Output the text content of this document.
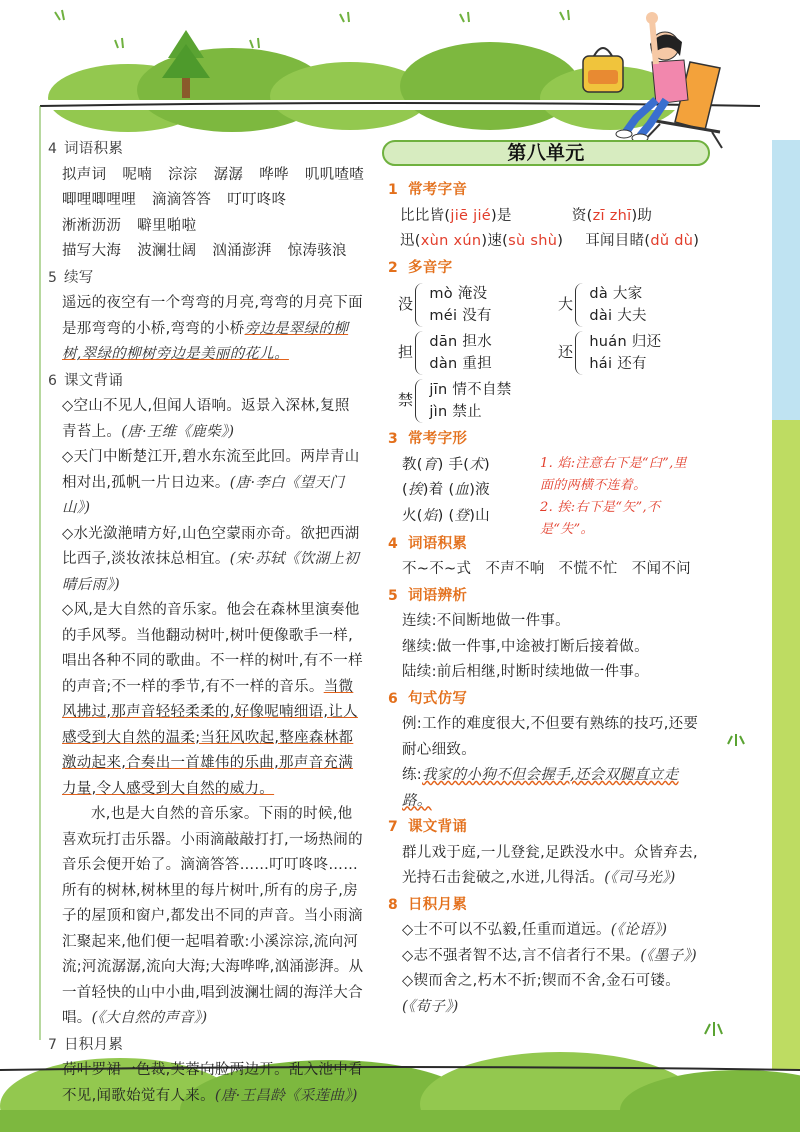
4 词语积累
拟声词 呢喃 淙淙 潺潺 哗哗 叽叽喳喳
唧哩唧哩哩 滴滴答答 叮叮咚咚
淅淅沥沥 噼里啪啦
描写大海 波澜壮阔 汹涌澎湃 惊涛骇浪
5 续写
遥远的夜空有一个弯弯的月亮,弯弯的月亮下面是那弯弯的小桥,弯弯的小桥旁边是翠绿的柳树,翠绿的柳树旁边是美丽的花儿。
6 课文背诵
◇空山不见人,但闻人语响。返景入深林,复照青苔上。(唐·王维《鹿柴》)
◇天门中断楚江开,碧水东流至此回。两岸青山相对出,孤帆一片日边来。(唐·李白《望天门山》)
◇水光潋滟晴方好,山色空蒙雨亦奇。欲把西湖比西子,淡妆浓抹总相宜。(宋·苏轼《饮湖上初晴后雨》)
◇风,是大自然的音乐家。他会在森林里演奏他的手风琴。当他翻动树叶,树叶便像歌手一样,唱出各种不同的歌曲。不一样的树叶,有不一样的声音;不一样的季节,有不一样的音乐。当微风拂过,那声音轻轻柔柔的,好像呢喃细语,让人感受到大自然的温柔;当狂风吹起,整座森林都激动起来,合奏出一首雄伟的乐曲,那声音充满力量,令人感受到大自然的威力。
水,也是大自然的音乐家。下雨的时候,他喜欢玩打击乐器。小雨滴敲敲打打,一场热闹的音乐会便开始了。滴滴答答……叮叮咚咚……所有的树林,树林里的每片树叶,所有的房子,房子的屋顶和窗户,都发出不同的声音。当小雨滴汇聚起来,他们便一起唱着歌:小溪淙淙,流向河流;河流潺潺,流向大海;大海哗哗,汹涌澎湃。从一首轻快的山中小曲,唱到波澜壮阔的海洋大合唱。(《大自然的声音》)
7 日积月累
荷叶罗裙一色裁,芙蓉向脸两边开。乱入池中看不见,闻歌始觉有人来。(唐·王昌龄《采莲曲》)
第八单元
1 常考字音
比比皆(jiē jié)是	资(zī zhī)助
迅(xùn xún)速(sù shù) 耳闻目睹(dǔ dù)
2 多音字
没
mò 淹没
méi 没有
大
dà 大家
dài 大夫
担
dān 担水
dàn 重担
还
huán 归还
hái 还有
禁
jīn 情不自禁
jìn 禁止
3 常考字形
教(育) 手(术)
(挨)着 (血)液
火(焰) (登)山
1. 焰:注意右下是“臼”,里面的两横不连着。
2. 挨:右下是“矢”,不是“失”。
4 词语积累
不~不~式 不声不响 不慌不忙 不闻不问
5 词语辨析
连续:不间断地做一件事。
继续:做一件事,中途被打断后接着做。
陆续:前后相继,时断时续地做一件事。
6 句式仿写
例:工作的难度很大,不但要有熟练的技巧,还要耐心细致。
练:我家的小狗不但会握手,还会双腿直立走路。
7 课文背诵
群儿戏于庭,一儿登瓮,足跌没水中。众皆弃去,光持石击瓮破之,水迸,儿得活。(《司马光》)
8 日积月累
◇士不可以不弘毅,任重而道远。(《论语》)
◇志不强者智不达,言不信者行不果。(《墨子》)
◇锲而舍之,朽木不折;锲而不舍,金石可镂。(《荀子》)
